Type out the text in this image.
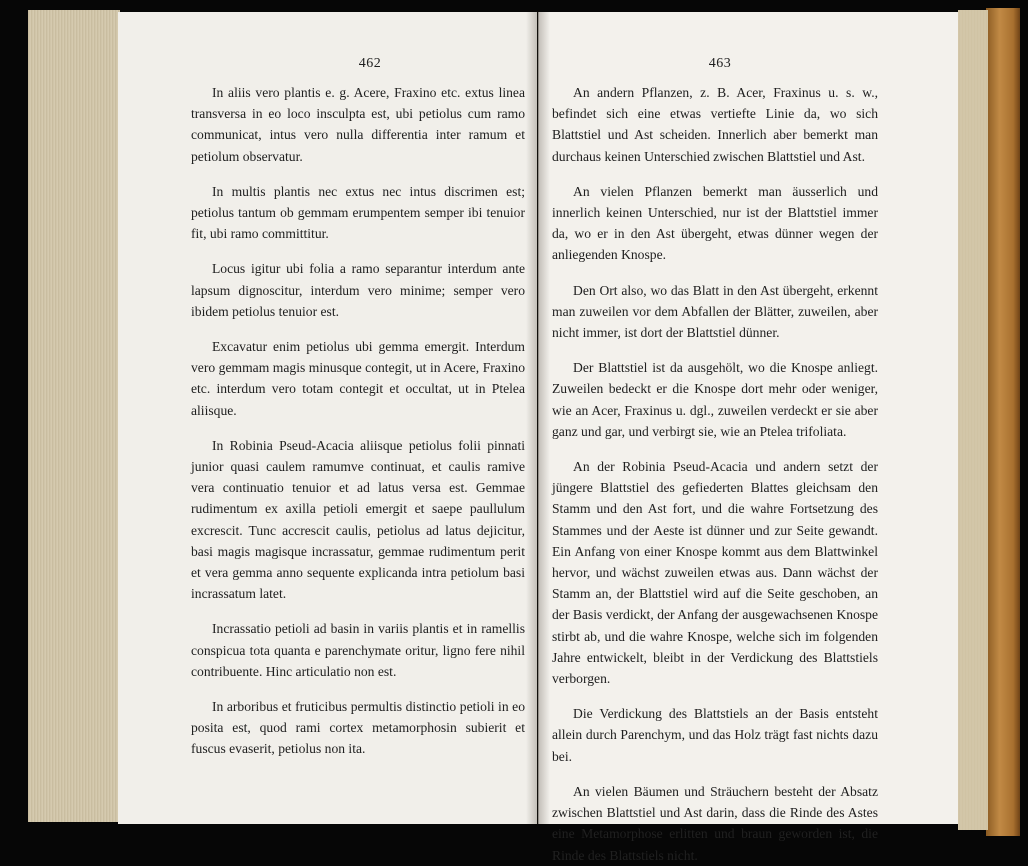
462

In aliis vero plantis e. g. Acere, Fraxino etc. extus linea transversa in eo loco insculpta est, ubi petiolus cum ramo communicat, intus vero nulla differentia inter ramum et petiolum observatur.

In multis plantis nec extus nec intus discrimen est; petiolus tantum ob gemmam erumpentem semper ibi tenuior fit, ubi ramo committitur.

Locus igitur ubi folia a ramo separantur interdum ante lapsum dignoscitur, interdum vero minime; semper vero ibidem petiolus tenuior est.

Excavatur enim petiolus ubi gemma emergit. Interdum vero gemmam magis minusque contegit, ut in Acere, Fraxino etc. interdum vero totam contegit et occultat, ut in Ptelea aliisque.

In Robinia Pseud-Acacia aliisque petiolus folii pinnati junior quasi caulem ramumve continuat, et caulis ramive vera continuatio tenuior et ad latus versa est. Gemmae rudimentum ex axilla petioli emergit et saepe paullulum excrescit. Tunc accrescit caulis, petiolus ad latus dejicitur, basi magis magisque incrassatur, gemmae rudimentum perit et vera gemma anno sequente explicanda intra petiolum basi incrassatum latet.

Incrassatio petioli ad basin in variis plantis et in ramellis conspicua tota quanta e parenchymate oritur, ligno fere nihil contribuente. Hinc articulatio non est.

In arboribus et fruticibus permultis distinctio petioli in eo posita est, quod rami cortex metamorphosin subierit et fuscus evaserit, petiolus non ita.

463

An andern Pflanzen, z. B. Acer, Fraxinus u. s. w., befindet sich eine etwas vertiefte Linie da, wo sich Blattstiel und Ast scheiden. Innerlich aber bemerkt man durchaus keinen Unterschied zwischen Blattstiel und Ast.

An vielen Pflanzen bemerkt man äusserlich und innerlich keinen Unterschied, nur ist der Blattstiel immer da, wo er in den Ast übergeht, etwas dünner wegen der anliegenden Knospe.

Den Ort also, wo das Blatt in den Ast übergeht, erkennt man zuweilen vor dem Abfallen der Blätter, zuweilen, aber nicht immer, ist dort der Blattstiel dünner.

Der Blattstiel ist da ausgehölt, wo die Knospe anliegt. Zuweilen bedeckt er die Knospe dort mehr oder weniger, wie an Acer, Fraxinus u. dgl., zuweilen verdeckt er sie aber ganz und gar, und verbirgt sie, wie an Ptelea trifoliata.

An der Robinia Pseud-Acacia und andern setzt der jüngere Blattstiel des gefiederten Blattes gleichsam den Stamm und den Ast fort, und die wahre Fortsetzung des Stammes und der Aeste ist dünner und zur Seite gewandt. Ein Anfang von einer Knospe kommt aus dem Blattwinkel hervor, und wächst zuweilen etwas aus. Dann wächst der Stamm an, der Blattstiel wird auf die Seite geschoben, an der Basis verdickt, der Anfang der ausgewachsenen Knospe stirbt ab, und die wahre Knospe, welche sich im folgenden Jahre entwickelt, bleibt in der Verdickung des Blattstiels verborgen.

Die Verdickung des Blattstiels an der Basis entsteht allein durch Parenchym, und das Holz trägt fast nichts dazu bei.

An vielen Bäumen und Sträuchern besteht der Absatz zwischen Blattstiel und Ast darin, dass die Rinde des Astes eine Metamorphose erlitten und braun geworden ist, die Rinde des Blattstiels nicht.
